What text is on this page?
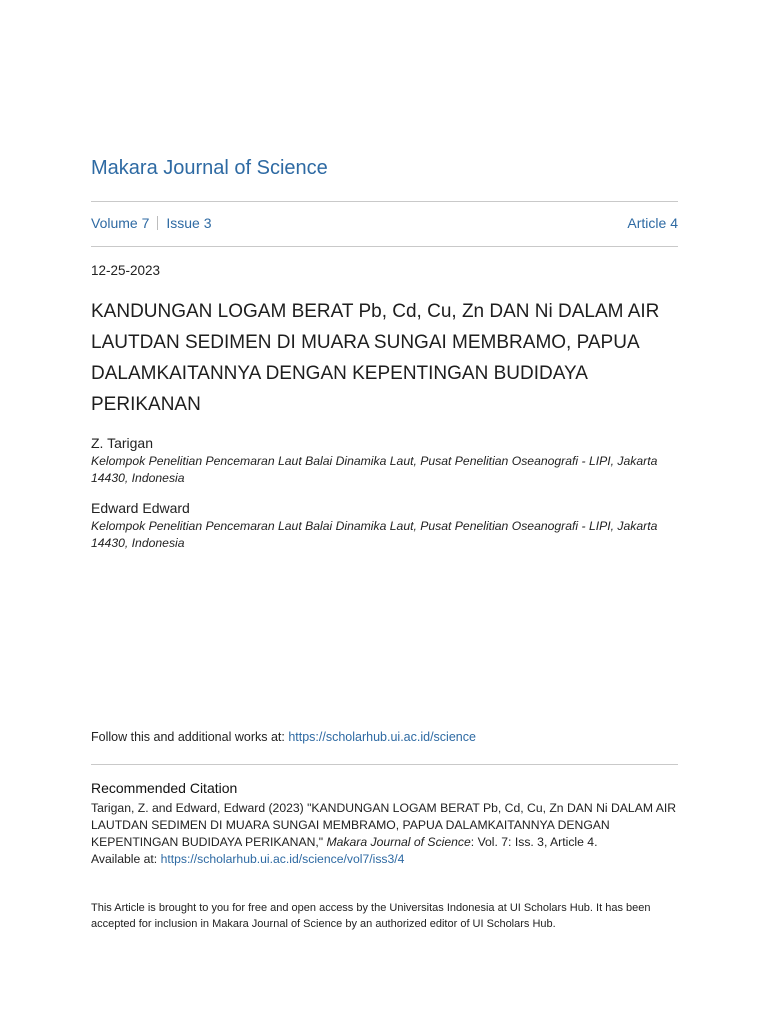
Makara Journal of Science
Volume 7 Issue 3	Article 4
12-25-2023
KANDUNGAN LOGAM BERAT Pb, Cd, Cu, Zn DAN Ni DALAM AIR LAUTDAN SEDIMEN DI MUARA SUNGAI MEMBRAMO, PAPUA DALAMKAITANNYA DENGAN KEPENTINGAN BUDIDAYA PERIKANAN
Z. Tarigan
Kelompok Penelitian Pencemaran Laut Balai Dinamika Laut, Pusat Penelitian Oseanografi - LIPI, Jakarta 14430, Indonesia
Edward Edward
Kelompok Penelitian Pencemaran Laut Balai Dinamika Laut, Pusat Penelitian Oseanografi - LIPI, Jakarta 14430, Indonesia
Follow this and additional works at: https://scholarhub.ui.ac.id/science
Recommended Citation
Tarigan, Z. and Edward, Edward (2023) "KANDUNGAN LOGAM BERAT Pb, Cd, Cu, Zn DAN Ni DALAM AIR LAUTDAN SEDIMEN DI MUARA SUNGAI MEMBRAMO, PAPUA DALAMKAITANNYA DENGAN KEPENTINGAN BUDIDAYA PERIKANAN," Makara Journal of Science: Vol. 7: Iss. 3, Article 4.
Available at: https://scholarhub.ui.ac.id/science/vol7/iss3/4
This Article is brought to you for free and open access by the Universitas Indonesia at UI Scholars Hub. It has been accepted for inclusion in Makara Journal of Science by an authorized editor of UI Scholars Hub.
